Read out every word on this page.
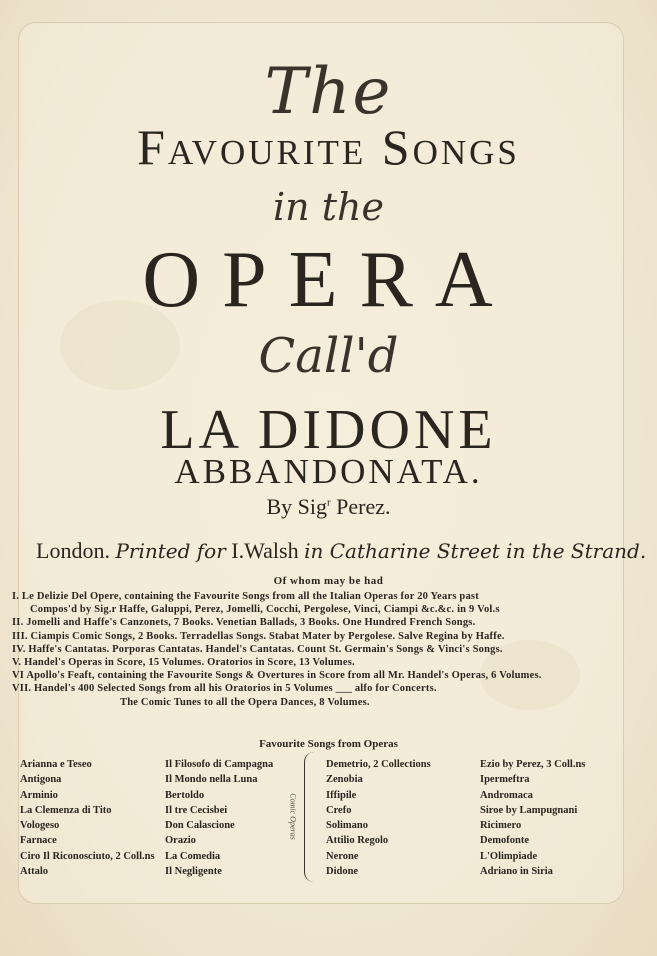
The
Favourite Songs
in the
OPERA
Call'd
LA DIDONE
ABBANDONATA.
By Sig$^r$ Perez.
London. Printed for I.Walsh in Catharine Street in the Strand.
Of whom may be had
I. Le Delizie Del Opere, containing the Favourite Songs from all the Italian Operas for 20 Years past
Compos'd by Sig.r Haffe, Galuppi, Perez, Jomelli, Cocchi, Pergolese, Vinci, Ciampi &c.&c. in 9 Vol.s
II. Jomelli and Haffe's Canzonets, 7 Books. Venetian Ballads, 3 Books. One Hundred French Songs.
III. Ciampis Comic Songs, 2 Books. Terradellas Songs. Stabat Mater by Pergolese. Salve Regina by Haffe.
IV. Haffe's Cantatas. Porporas Cantatas. Handel's Cantatas. Count St. Germain's Songs & Vinci's Songs.
V. Handel's Operas in Score, 15 Volumes. Oratorios in Score, 13 Volumes.
VI Apollo's Feaft, containing the Favourite Songs & Overtures in Score from all Mr. Handel's Operas, 6 Volumes.
VII. Handel's 400 Selected Songs from all his Oratorios in 5 Volumes ___ alfo for Concerts.
The Comic Tunes to all the Opera Dances, 8 Volumes.
Favourite Songs from Operas
Arianna e Teseo
Antigona
Arminio
La Clemenza di Tito
Vologeso
Farnace
Ciro Il Riconosciuto, 2 Coll.ns
Attalo
Il Filosofo di Campagna
Il Mondo nella Luna
Bertoldo
Il tre Cecisbei
Don Calascione
Orazio
La Comedia
Il Negligente
Comic Operas
Demetrio, 2 Collections
Zenobia
Iffipile
Crefo
Solimano
Attilio Regolo
Nerone
Didone
Ezio by Perez, 3 Coll.ns
Ipermeftra
Andromaca
Siroe by Lampugnani
Ricimero
Demofonte
L'Olimpiade
Adriano in Siria
